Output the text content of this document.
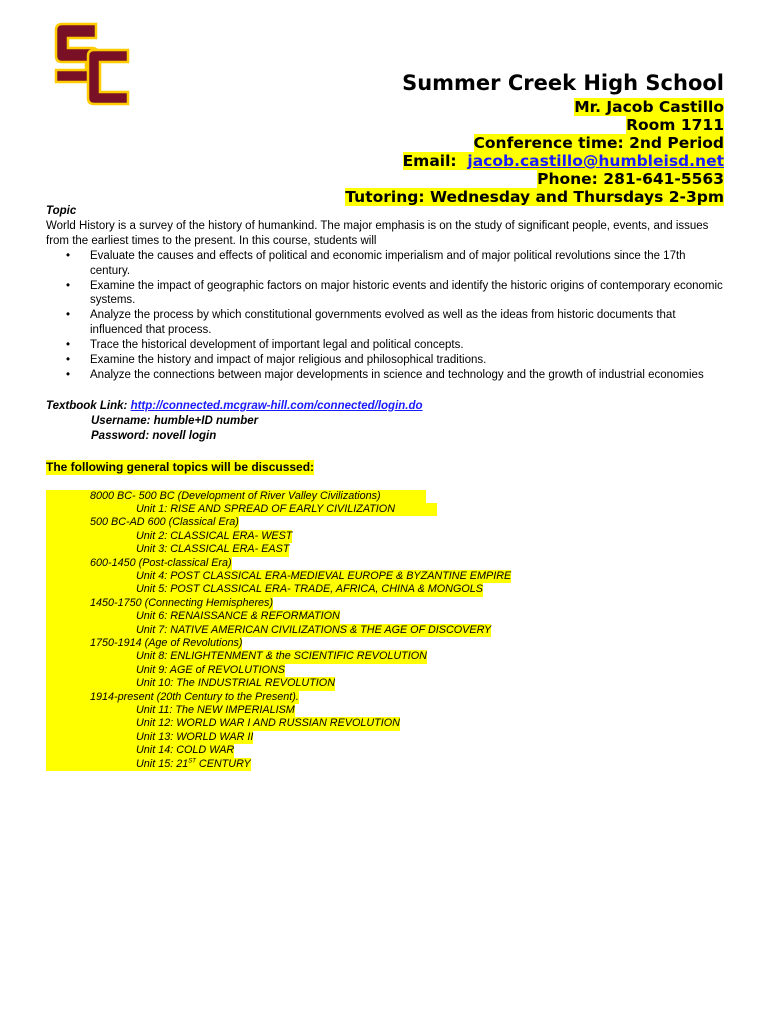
Summer Creek High School
Mr. Jacob Castillo
Room 1711
Conference time: 2nd Period
Email: jacob.castillo@humbleisd.net
Phone: 281-641-5563
Tutoring: Wednesday and Thursdays 2-3pm
Topic
World History is a survey of the history of humankind. The major emphasis is on the study of significant people, events, and issues from the earliest times to the present. In this course, students will
• Evaluate the causes and effects of political and economic imperialism and of major political revolutions since the 17th century.
• Examine the impact of geographic factors on major historic events and identify the historic origins of contemporary economic systems.
• Analyze the process by which constitutional governments evolved as well as the ideas from historic documents that influenced that process.
• Trace the historical development of important legal and political concepts.
• Examine the history and impact of major religious and philosophical traditions.
• Analyze the connections between major developments in science and technology and the growth of industrial economies
Textbook Link: http://connected.mcgraw-hill.com/connected/login.do
Username: humble+ID number
Password: novell login
The following general topics will be discussed:
8000 BC- 500 BC (Development of River Valley Civilizations)
Unit 1: RISE AND SPREAD OF EARLY CIVILIZATION
500 BC-AD 600 (Classical Era)
Unit 2: CLASSICAL ERA- WEST
Unit 3: CLASSICAL ERA- EAST
600-1450 (Post-classical Era)
Unit 4: POST CLASSICAL ERA-MEDIEVAL EUROPE & BYZANTINE EMPIRE
Unit 5: POST CLASSICAL ERA- TRADE, AFRICA, CHINA & MONGOLS
1450-1750 (Connecting Hemispheres)
Unit 6: RENAISSANCE & REFORMATION
Unit 7: NATIVE AMERICAN CIVILIZATIONS & THE AGE OF DISCOVERY
1750-1914 (Age of Revolutions)
Unit 8: ENLIGHTENMENT & the SCIENTIFIC REVOLUTION
Unit 9: AGE of REVOLUTIONS
Unit 10: The INDUSTRIAL REVOLUTION
1914-present (20th Century to the Present).
Unit 11: The NEW IMPERIALISM
Unit 12: WORLD WAR I AND RUSSIAN REVOLUTION
Unit 13: WORLD WAR II
Unit 14: COLD WAR
Unit 15: 21ST CENTURY
